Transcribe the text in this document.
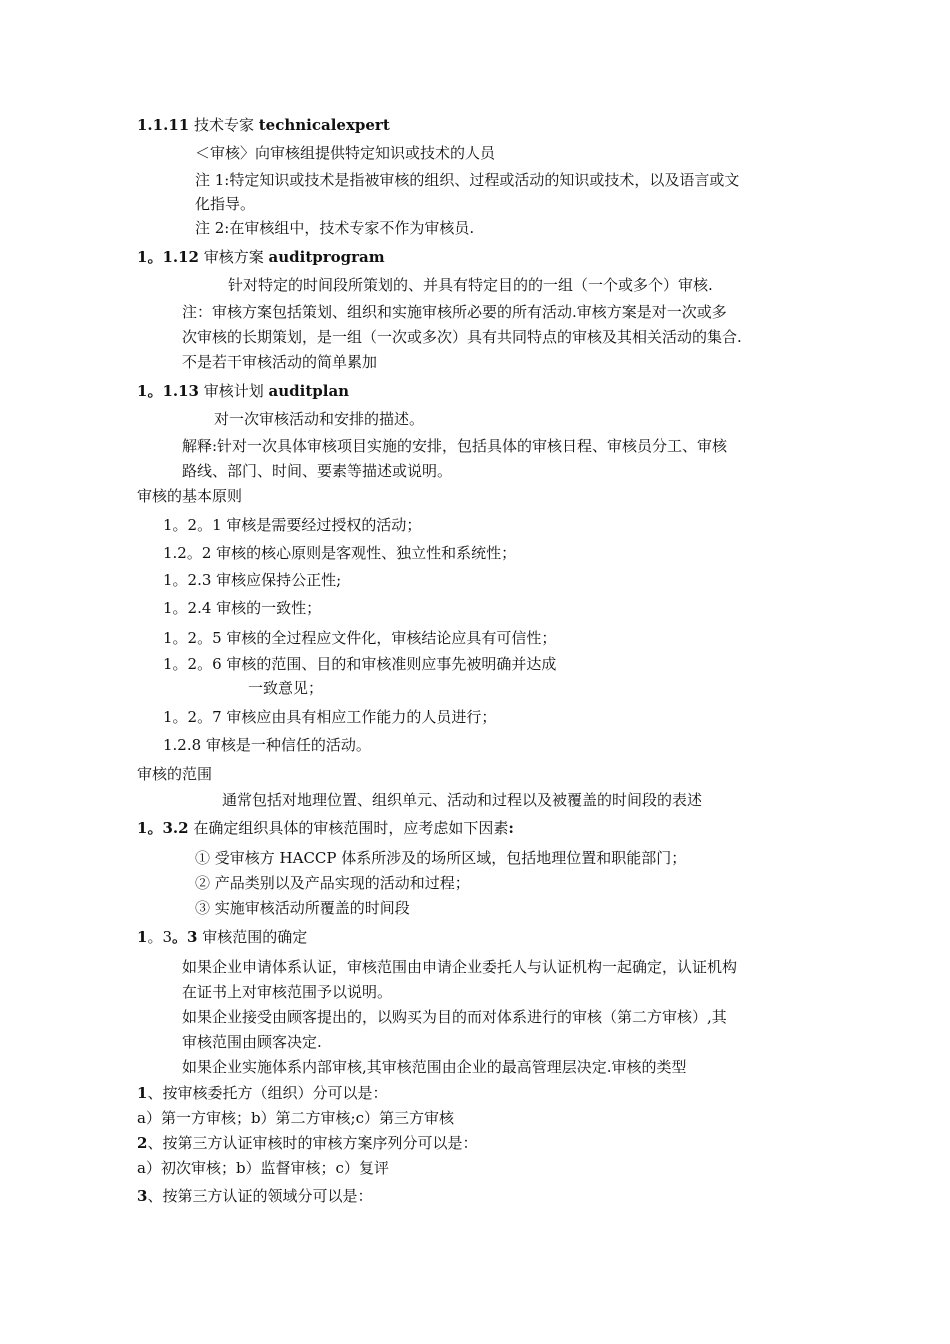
1.1.11 技术专家 technicalexpert
＜审核〉向审核组提供特定知识或技术的人员
注 1:特定知识或技术是指被审核的组织、过程或活动的知识或技术，以及语言或文
化指导。
注 2:在审核组中，技术专家不作为审核员.
1。1.12 审核方案 auditprogram
针对特定的时间段所策划的、并具有特定目的的一组（一个或多个）审核.
注：审核方案包括策划、组织和实施审核所必要的所有活动.审核方案是对一次或多
次审核的长期策划，是一组（一次或多次）具有共同特点的审核及其相关活动的集合.
不是若干审核活动的简单累加
1。1.13 审核计划 auditplan
对一次审核活动和安排的描述。
解释:针对一次具体审核项目实施的安排，包括具体的审核日程、审核员分工、审核
路线、部门、时间、要素等描述或说明。
审核的基本原则
1。2。1 审核是需要经过授权的活动；
1.2。2 审核的核心原则是客观性、独立性和系统性；
1。2.3 审核应保持公正性;
1。2.4 审核的一致性；
1。2。5 审核的全过程应文件化，审核结论应具有可信性；
1。2。6 审核的范围、目的和审核准则应事先被明确并达成
一致意见；
1。2。7 审核应由具有相应工作能力的人员进行；
1.2.8 审核是一种信任的活动。
审核的范围
通常包括对地理位置、组织单元、活动和过程以及被覆盖的时间段的表述
1。3.2 在确定组织具体的审核范围时，应考虑如下因素:
① 受审核方 HACCP 体系所涉及的场所区域，包括地理位置和职能部门；
② 产品类别以及产品实现的活动和过程；
③ 实施审核活动所覆盖的时间段
1。3。3 审核范围的确定
如果企业申请体系认证，审核范围由申请企业委托人与认证机构一起确定，认证机构
在证书上对审核范围予以说明。
如果企业接受由顾客提出的，以购买为目的而对体系进行的审核（第二方审核）,其
审核范围由顾客决定.
如果企业实施体系内部审核,其审核范围由企业的最高管理层决定.审核的类型
1、按审核委托方（组织）分可以是：
a）第一方审核；b）第二方审核;c）第三方审核
2、按第三方认证审核时的审核方案序列分可以是：
a）初次审核；b）监督审核；c）复评
3、按第三方认证的领域分可以是：
